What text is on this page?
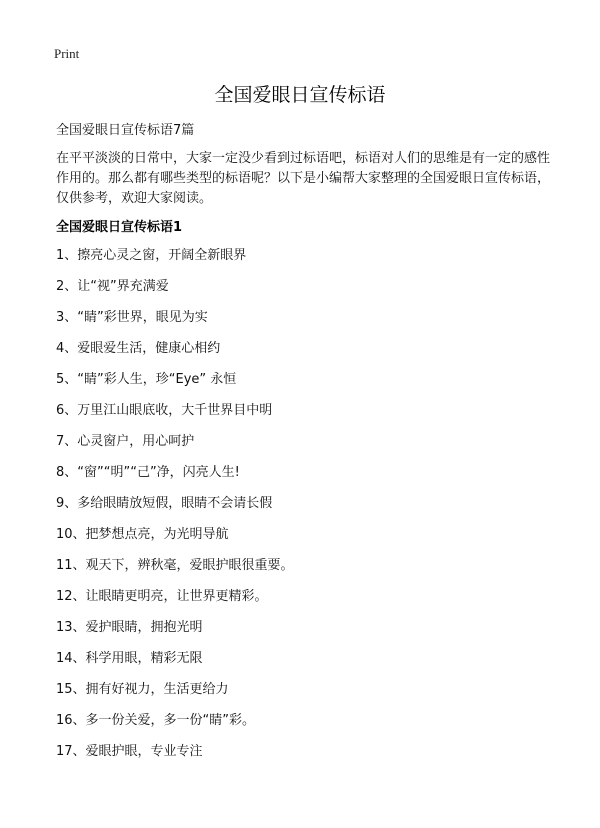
Print
全国爱眼日宣传标语
全国爱眼日宣传标语7篇
在平平淡淡的日常中，大家一定没少看到过标语吧，标语对人们的思维是有一定的感性作用的。那么都有哪些类型的标语呢？以下是小编帮大家整理的全国爱眼日宣传标语，仅供参考，欢迎大家阅读。
全国爱眼日宣传标语1
1、擦亮心灵之窗，开阔全新眼界
2、让“视”界充满爱
3、“睛”彩世界，眼见为实
4、爱眼爱生活，健康心相约
5、“睛”彩人生，珍“Eye” 永恒
6、万里江山眼底收，大千世界目中明
7、心灵窗户，用心呵护
8、“窗”“明”“己”净，闪亮人生!
9、多给眼睛放短假，眼睛不会请长假
10、把梦想点亮，为光明导航
11、观天下，辨秋毫，爱眼护眼很重要。
12、让眼睛更明亮，让世界更精彩。
13、爱护眼睛，拥抱光明
14、科学用眼，精彩无限
15、拥有好视力，生活更给力
16、多一份关爱，多一份“睛”彩。
17、爱眼护眼，专业专注
